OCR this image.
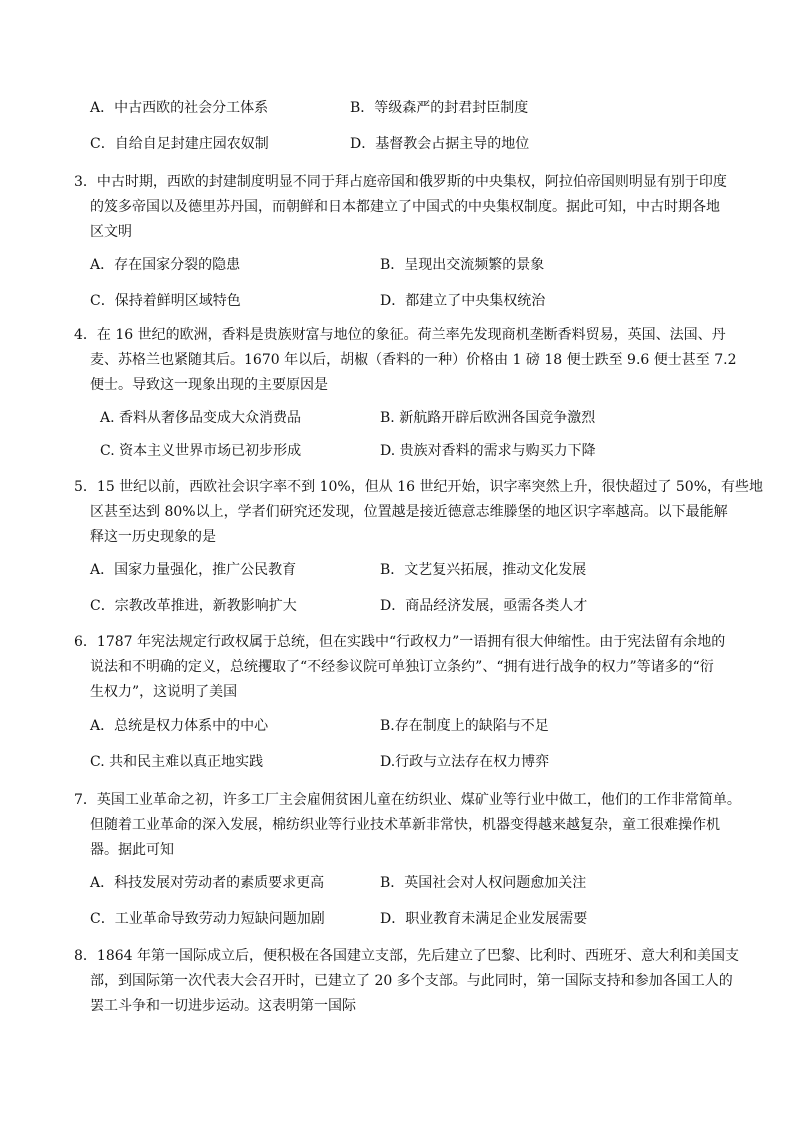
A．中古西欧的社会分工体系	B．等级森严的封君封臣制度
C．自给自足封建庄园农奴制	D．基督教会占据主导的地位
3．中古时期，西欧的封建制度明显不同于拜占庭帝国和俄罗斯的中央集权，阿拉伯帝国则明显有别于印度
的笈多帝国以及德里苏丹国，而朝鲜和日本都建立了中国式的中央集权制度。据此可知，中古时期各地
区文明
A．存在国家分裂的隐患	B．呈现出交流频繁的景象
C．保持着鲜明区域特色	D．都建立了中央集权统治
4．在 16 世纪的欧洲，香料是贵族财富与地位的象征。荷兰率先发现商机垄断香料贸易，英国、法国、丹
麦、苏格兰也紧随其后。1670 年以后，胡椒（香料的一种）价格由 1 磅 18 便士跌至 9.6 便士甚至 7.2
便士。导致这一现象出现的主要原因是
A. 香料从奢侈品变成大众消费品	B. 新航路开辟后欧洲各国竞争激烈
C. 资本主义世界市场已初步形成	D. 贵族对香料的需求与购买力下降
5．15 世纪以前，西欧社会识字率不到 10%，但从 16 世纪开始，识字率突然上升，很快超过了 50%，有些地
区甚至达到 80%以上，学者们研究还发现，位置越是接近德意志维滕堡的地区识字率越高。以下最能解
释这一历史现象的是
A．国家力量强化，推广公民教育	B．文艺复兴拓展，推动文化发展
C．宗教改革推进，新教影响扩大	D．商品经济发展，亟需各类人才
6．1787 年宪法规定行政权属于总统，但在实践中“行政权力”一语拥有很大伸缩性。由于宪法留有余地的
说法和不明确的定义，总统攫取了“不经参议院可单独订立条约”、“拥有进行战争的权力”等诸多的“衍
生权力”，这说明了美国
A．总统是权力体系中的中心	B.存在制度上的缺陷与不足
C. 共和民主难以真正地实践	D.行政与立法存在权力博弈
7．英国工业革命之初，许多工厂主会雇佣贫困儿童在纺织业、煤矿业等行业中做工，他们的工作非常简单。
但随着工业革命的深入发展，棉纺织业等行业技术革新非常快，机器变得越来越复杂，童工很难操作机
器。据此可知
A．科技发展对劳动者的素质要求更高	B．英国社会对人权问题愈加关注
C．工业革命导致劳动力短缺问题加剧	D．职业教育未满足企业发展需要
8．1864 年第一国际成立后，便积极在各国建立支部，先后建立了巴黎、比利时、西班牙、意大利和美国支
部，到国际第一次代表大会召开时，已建立了 20 多个支部。与此同时，第一国际支持和参加各国工人的
罢工斗争和一切进步运动。这表明第一国际
